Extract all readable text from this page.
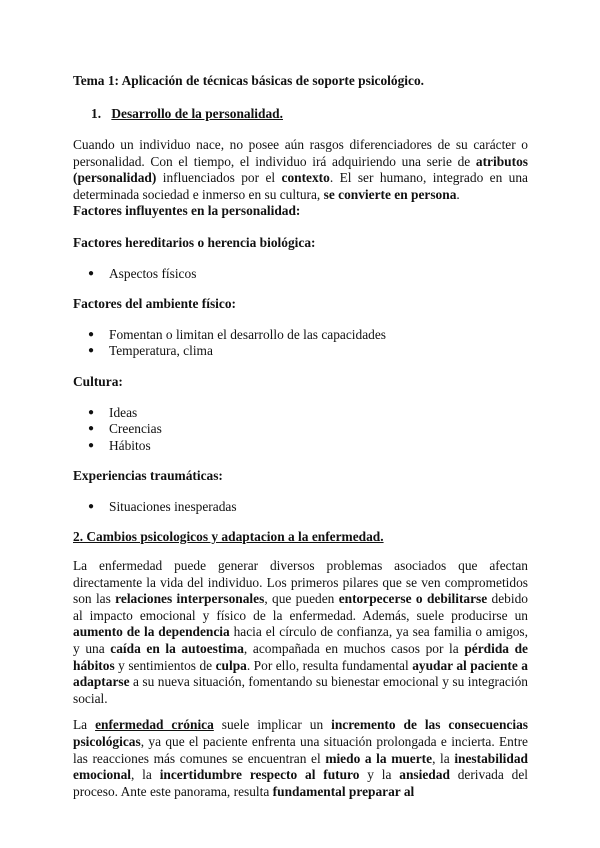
Tema 1: Aplicación de técnicas básicas de soporte psicológico.
1. Desarrollo de la personalidad.
Cuando un individuo nace, no posee aún rasgos diferenciadores de su carácter o personalidad. Con el tiempo, el individuo irá adquiriendo una serie de atributos (personalidad) influenciados por el contexto. El ser humano, integrado en una determinada sociedad e inmerso en su cultura, se convierte en persona.
Factores influyentes en la personalidad:
Factores hereditarios o herencia biológica:
● Aspectos físicos
Factores del ambiente físico:
● Fomentan o limitan el desarrollo de las capacidades
● Temperatura, clima
Cultura:
● Ideas
● Creencias
● Hábitos
Experiencias traumáticas:
● Situaciones inesperadas
2. Cambios psicologicos y adaptacion a la enfermedad.
La enfermedad puede generar diversos problemas asociados que afectan directamente la vida del individuo. Los primeros pilares que se ven comprometidos son las relaciones interpersonales, que pueden entorpecerse o debilitarse debido al impacto emocional y físico de la enfermedad. Además, suele producirse un aumento de la dependencia hacia el círculo de confianza, ya sea familia o amigos, y una caída en la autoestima, acompañada en muchos casos por la pérdida de hábitos y sentimientos de culpa. Por ello, resulta fundamental ayudar al paciente a adaptarse a su nueva situación, fomentando su bienestar emocional y su integración social.
La enfermedad crónica suele implicar un incremento de las consecuencias psicológicas, ya que el paciente enfrenta una situación prolongada e incierta. Entre las reacciones más comunes se encuentran el miedo a la muerte, la inestabilidad emocional, la incertidumbre respecto al futuro y la ansiedad derivada del proceso. Ante este panorama, resulta fundamental preparar al
